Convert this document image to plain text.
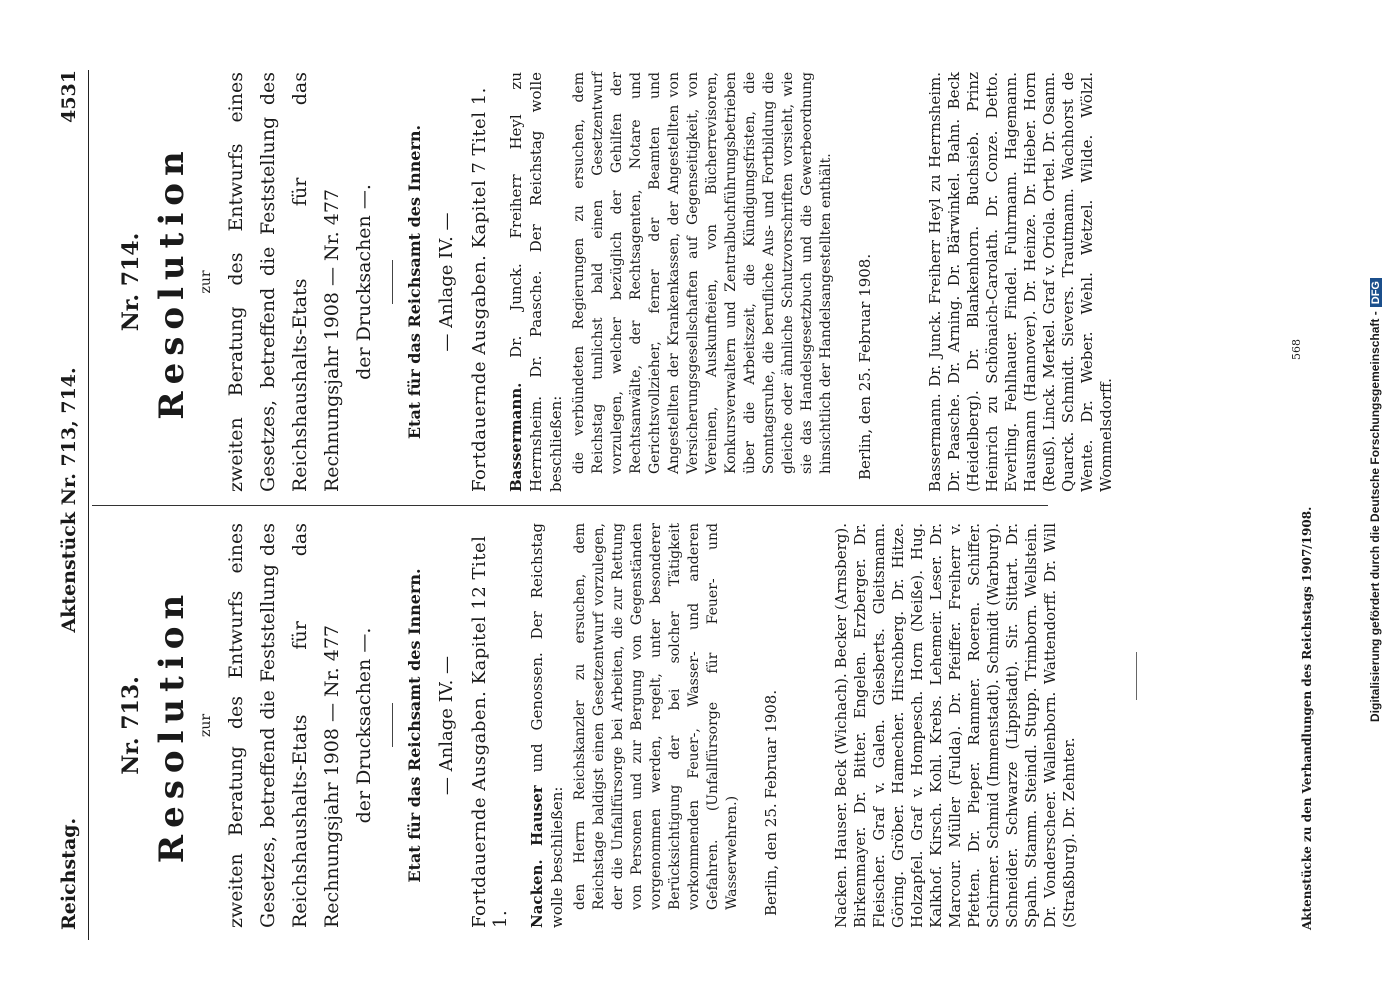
Reichstag.
Aktenstück Nr. 713, 714.
4531
Nr. 713. Resolution zur zweiten Beratung des Entwurfs eines Gesetzes, betreffend die Feststellung des Reichshaushalts-Etats für das Rechnungsjahr 1908 — Nr. 477 der Drucksachen —.	Etat für das Reichsamt des Innern. — Anlage IV. — Fortdauernde Ausgaben. Kapitel 12 Titel 1. Nacken. Hauser und Genossen. Der Reichstag wolle beschließen: den Herrn Reichskanzler zu ersuchen, dem Reichstage baldigst einen Gesetzentwurf vorzulegen, der die Unfallfürsorge bei Arbeiten, die zur Rettung von Personen und zur Bergung von Gegenständen vorgenommen werden, regelt, unter besonderer Berücksichtigung der bei solcher Tätigkeit vorkommenden Feuer-, Wasser- und anderen Gefahren. (Unfallfürsorge für Feuer- und Wasserwehren.) Berlin, den 25. Februar 1908.	Nacken. Hauser. Beck (Wichach). Becker (Arnsberg). Birkenmayer. Dr. Bitter. Engelen. Erzberger. Dr. Fleischer. Graf v. Galen. Giesberts. Gleitsmann. Göring. Gröber. Hamecher. Hirschberg. Dr. Hitze. Holzapfel. Graf v. Hompesch. Horn (Neiße). Hug. Kalkhof. Kirsch. Kohl. Krebs. Lehemeir. Leser. Dr. Marcour. Müller (Fulda). Dr. Pfeiffer. Freiherr v. Pfetten. Dr. Pieper. Rammer. Roeren. Schiffer. Schirmer. Schmid (Immenstadt). Schmidt (Warburg). Schneider. Schwarze (Lippstadt). Sir. Sittart. Dr. Spahn. Stamm. Steindl. Stupp. Trimborn. Wellstein. Dr. Vonderscheer. Wallenborn. Wattendorff. Dr. Will (Straßburg). Dr. Zehnter.
Nr. 714. Resolution zur zweiten Beratung des Entwurfs eines Gesetzes, betreffend die Feststellung des Reichshaushalts-Etats für das Rechnungsjahr 1908 — Nr. 477 der Drucksachen —.	Etat für das Reichsamt des Innern. — Anlage IV. — Fortdauernde Ausgaben. Kapitel 7 Titel 1. Bassermann. Dr. Junck. Freiherr Heyl zu Herrnsheim. Dr. Paasche. Der Reichstag wolle beschließen: die verbündeten Regierungen zu ersuchen, dem Reichstag tunlichst bald einen Gesetzentwurf vorzulegen, welcher bezüglich der Gehilfen der Rechtsanwälte, der Rechtsagenten, Notare und Gerichtsvollzieher, ferner der Beamten und Angestellten der Krankenkassen, der Angestellten von Versicherungsgesellschaften auf Gegenseitigkeit, von Vereinen, Auskunfteien, von Bücherrevisoren, Konkursverwaltern und Zentralbuchführungsbetrieben über die Arbeitszeit, die Kündigungsfristen, die Sonntagsruhe, die berufliche Aus- und Fortbildung die gleiche oder ähnliche Schutzvorschriften vorsieht, wie sie das Handelsgesetzbuch und die Gewerbeordnung hinsichtlich der Handelsangestellten enthält. Berlin, den 25. Februar 1908.	Bassermann. Dr. Junck. Freiherr Heyl zu Herrnsheim. Dr. Paasche. Dr. Arning. Dr. Bärwinkel. Bahn. Beck (Heidelberg). Dr. Blankenhorn. Buchsieb. Prinz Heinrich zu Schönaich-Carolath. Dr. Conze. Detto. Everling. Fehlhauer. Findel. Fuhrmann. Hagemann. Hausmann (Hannover). Dr. Heinze. Dr. Hieber. Horn (Reuß). Linck. Merkel. Graf v. Oriola. Ortel. Dr. Osann. Quarck. Schmidt. Sievers. Trautmann. Wachhorst de Wente. Dr. Weber. Wehl. Wetzel. Wilde. Wölzl. Wommelsdorff.
568
Aktenstücke zu den Verhandlungen des Reichstags 1907/1908.	Digitalisierung gefördert durch die Deutsche Forschungsgemeinschaft -DFG
